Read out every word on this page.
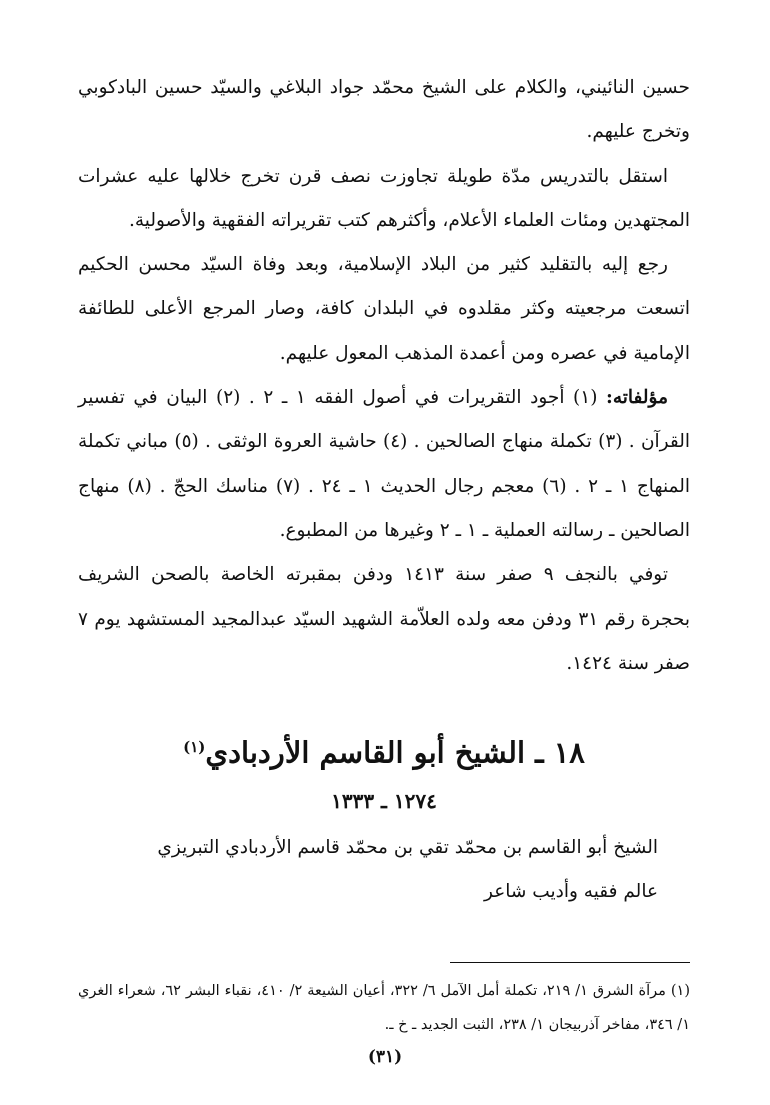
حسين النائيني، والكلام على الشيخ محمّد جواد البلاغي والسيّد حسين البادكوبي وتخرج عليهم.

استقل بالتدريس مدّة طويلة تجاوزت نصف قرن تخرج خلالها عليه عشرات المجتهدين ومئات العلماء الأعلام، وأكثرهم كتب تقريراته الفقهية والأصولية.

رجع إليه بالتقليد كثير من البلاد الإسلامية، وبعد وفاة السيّد محسن الحكيم اتسعت مرجعيته وكثر مقلدوه في البلدان كافة، وصار المرجع الأعلى للطائفة الإمامية في عصره ومن أعمدة المذهب المعول عليهم.

مؤلفاته: (١) أجود التقريرات في أصول الفقه ١ ـ ٢ . (٢) البيان في تفسير القرآن . (٣) تكملة منهاج الصالحين . (٤) حاشية العروة الوثقى . (٥) مباني تكملة المنهاج ١ ـ ٢ . (٦) معجم رجال الحديث ١ ـ ٢٤ . (٧) مناسك الحجّ . (٨) منهاج الصالحين ـ رسالته العملية ـ ١ ـ ٢ وغيرها من المطبوع.

توفي بالنجف ٩ صفر سنة ١٤١٣ ودفن بمقبرته الخاصة بالصحن الشريف بحجرة رقم ٣١ ودفن معه ولده العلاّمة الشهيد السيّد عبدالمجيد المستشهد يوم ٧ صفر سنة ١٤٢٤.

١٨ ـ الشيخ أبو القاسم الأردبادي$^{(١)}$
١٢٧٤ ـ ١٣٣٣

الشيخ أبو القاسم بن محمّد تقي بن محمّد قاسم الأردبادي التبريزي

عالم فقيه وأديب شاعر

(١) مرآة الشرق ١/ ٢١٩، تكملة أمل الآمل ٦/ ٣٢٢، أعيان الشيعة ٢/ ٤١٠، نقباء البشر ٦٢، شعراء الغري ١/ ٣٤٦، مفاخر آذربيجان ١/ ٢٣٨، الثبت الجديد ـ خ ـ.

(٣١)
